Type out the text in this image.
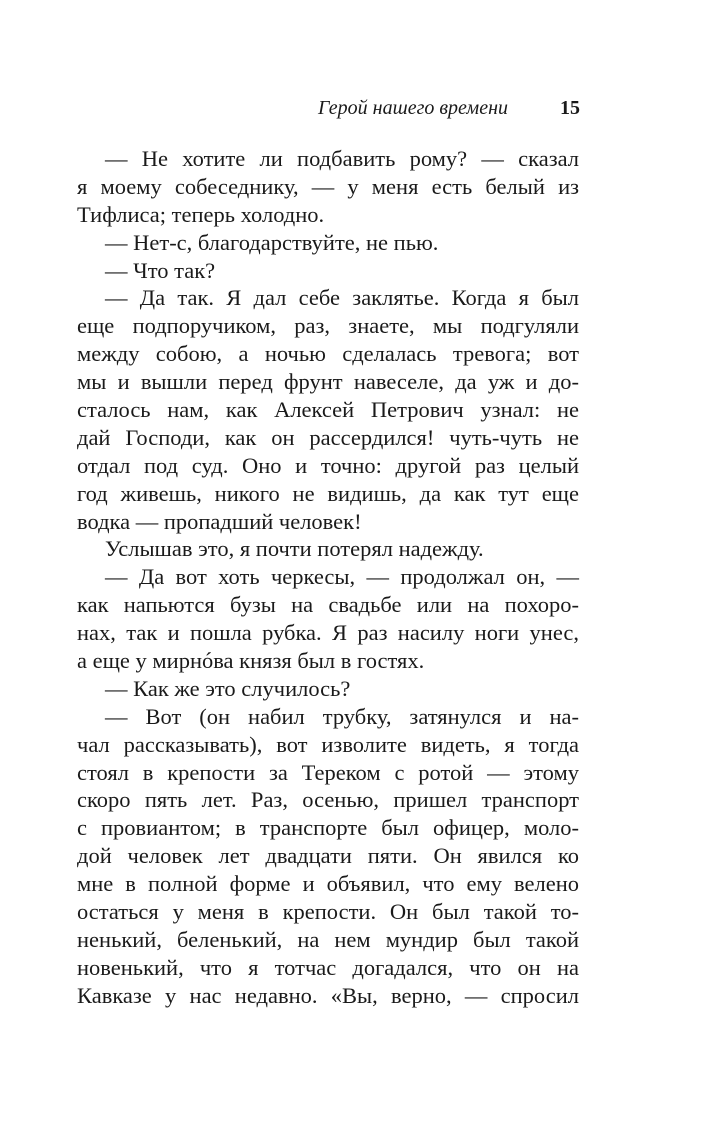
Герой нашего времени	15
— Не хотите ли подбавить рому? — сказал
я моему собеседнику, — у меня есть белый из
Тифлиса; теперь холодно.
— Нет-с, благодарствуйте, не пью.
— Что так?
— Да так. Я дал себе заклятье. Когда я был
еще подпоручиком, раз, знаете, мы подгуляли
между собою, а ночью сделалась тревога; вот
мы и вышли перед фрунт навеселе, да уж и до-
сталось нам, как Алексей Петрович узнал: не
дай Господи, как он рассердился! чуть-чуть не
отдал под суд. Оно и точно: другой раз целый
год живешь, никого не видишь, да как тут еще
водка — пропадший человек!
Услышав это, я почти потерял надежду.
— Да вот хоть черкесы, — продолжал он, —
как напьются бузы на свадьбе или на похоро-
нах, так и пошла рубка. Я раз насилу ноги унес,
а еще у мирнóва князя был в гостях.
— Как же это случилось?
— Вот (он набил трубку, затянулся и на-
чал рассказывать), вот изволите видеть, я тогда
стоял в крепости за Тереком с ротой — этому
скоро пять лет. Раз, осенью, пришел транспорт
с провиантом; в транспорте был офицер, моло-
дой человек лет двадцати пяти. Он явился ко
мне в полной форме и объявил, что ему велено
остаться у меня в крепости. Он был такой то-
ненький, беленький, на нем мундир был такой
новенький, что я тотчас догадался, что он на
Кавказе у нас недавно. «Вы, верно, — спросил
